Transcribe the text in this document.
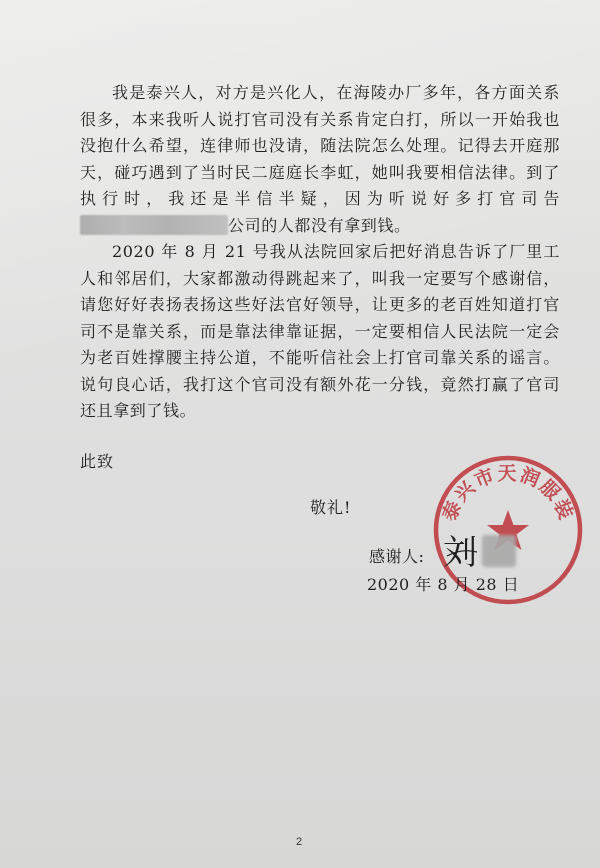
我是泰兴人，对方是兴化人，在海陵办厂多年，各方面关系很多，本来我听人说打官司没有关系肯定白打，所以一开始我也没抱什么希望，连律师也没请，随法院怎么处理。记得去开庭那天，碰巧遇到了当时民二庭庭长李虹，她叫我要相信法律。到了执行时，我还是半信半疑，因为听说好多打官司告公司的人都没有拿到钱。

2020 年 8 月 21 号我从法院回家后把好消息告诉了厂里工人和邻居们，大家都激动得跳起来了，叫我一定要写个感谢信，请您好好表扬表扬这些好法官好领导，让更多的老百姓知道打官司不是靠关系，而是靠法律靠证据，一定要相信人民法院一定会为老百姓撑腰主持公道，不能听信社会上打官司靠关系的谣言。说句良心话，我打这个官司没有额外花一分钱，竟然打赢了官司还且拿到了钱。

此致
敬礼!	泰兴市天润服装
感谢人: 刘
2020 年 8 月 28 日
2
